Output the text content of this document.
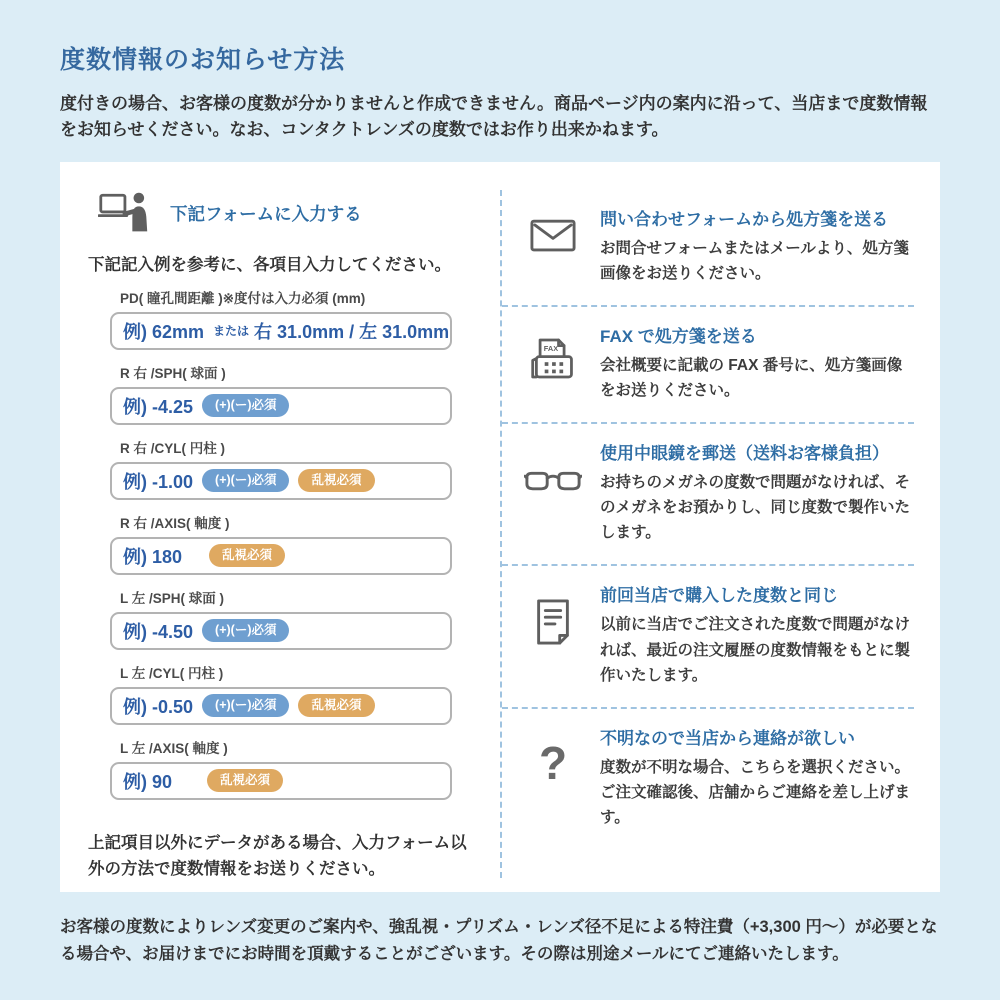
度数情報のお知らせ方法

度付きの場合、お客様の度数が分かりませんと作成できません。商品ページ内の案内に沿って、当店まで度数情報をお知らせください。なお、コンタクトレンズの度数ではお作り出来かねます。

下記フォームに入力する

下記記入例を参考に、各項目入力してください。

PD( 瞳孔間距離 )※度付は入力必須 (mm)
例) 62mm または 右 31.0mm / 左 31.0mm
R 右 /SPH( 球面 )
例) -4.25	(+)(ー)必須
R 右 /CYL( 円柱 )
例) -1.00	(+)(ー)必須	乱視必須
R 右 /AXIS( 軸度 )
例) 180	乱視必須
L 左 /SPH( 球面 )
例) -4.50	(+)(ー)必須
L 左 /CYL( 円柱 )
例) -0.50	(+)(ー)必須	乱視必須
L 左 /AXIS( 軸度 )
例) 90	乱視必須

上記項目以外にデータがある場合、入力フォーム以外の方法で度数情報をお送りください。

問い合わせフォームから処方箋を送る

お問合せフォームまたはメールより、処方箋画像をお送りください。

FAX

FAX で処方箋を送る

会社概要に記載の FAX 番号に、処方箋画像をお送りください。

使用中眼鏡を郵送（送料お客様負担）

お持ちのメガネの度数で問題がなければ、そのメガネをお預かりし、同じ度数で製作いたします。

前回当店で購入した度数と同じ

以前に当店でご注文された度数で問題がなければ、最近の注文履歴の度数情報をもとに製作いたします。

? 不明なので当店から連絡が欲しい

度数が不明な場合、こちらを選択ください。ご注文確認後、店舗からご連絡を差し上げます。

お客様の度数によりレンズ変更のご案内や、強乱視・プリズム・レンズ径不足による特注費（+3,300 円〜）が必要となる場合や、お届けまでにお時間を頂戴することがございます。その際は別途メールにてご連絡いたします。
